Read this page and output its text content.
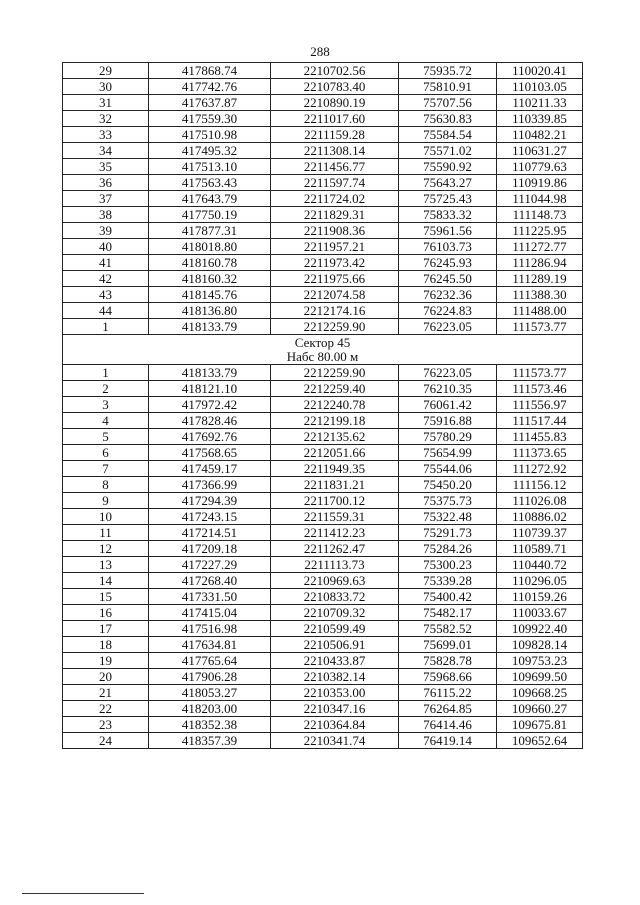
288
29	417868.74	2210702.56	75935.72	110020.41
30	417742.76	2210783.40	75810.91	110103.05
31	417637.87	2210890.19	75707.56	110211.33
32	417559.30	2211017.60	75630.83	110339.85
33	417510.98	2211159.28	75584.54	110482.21
34	417495.32	2211308.14	75571.02	110631.27
35	417513.10	2211456.77	75590.92	110779.63
36	417563.43	2211597.74	75643.27	110919.86
37	417643.79	2211724.02	75725.43	111044.98
38	417750.19	2211829.31	75833.32	111148.73
39	417877.31	2211908.36	75961.56	111225.95
40	418018.80	2211957.21	76103.73	111272.77
41	418160.78	2211973.42	76245.93	111286.94
42	418160.32	2211975.66	76245.50	111289.19
43	418145.76	2212074.58	76232.36	111388.30
44	418136.80	2212174.16	76224.83	111488.00
1	418133.79	2212259.90	76223.05	111573.77

Сектор 45
Набс 80.00 м				

1	418133.79	2212259.90	76223.05	111573.77
2	418121.10	2212259.40	76210.35	111573.46
3	417972.42	2212240.78	76061.42	111556.97
4	417828.46	2212199.18	75916.88	111517.44
5	417692.76	2212135.62	75780.29	111455.83
6	417568.65	2212051.66	75654.99	111373.65
7	417459.17	2211949.35	75544.06	111272.92
8	417366.99	2211831.21	75450.20	111156.12
9	417294.39	2211700.12	75375.73	111026.08
10	417243.15	2211559.31	75322.48	110886.02
11	417214.51	2211412.23	75291.73	110739.37
12	417209.18	2211262.47	75284.26	110589.71
13	417227.29	2211113.73	75300.23	110440.72
14	417268.40	2210969.63	75339.28	110296.05
15	417331.50	2210833.72	75400.42	110159.26
16	417415.04	2210709.32	75482.17	110033.67
17	417516.98	2210599.49	75582.52	109922.40
18	417634.81	2210506.91	75699.01	109828.14
19	417765.64	2210433.87	75828.78	109753.23
20	417906.28	2210382.14	75968.66	109699.50
21	418053.27	2210353.00	76115.22	109668.25
22	418203.00	2210347.16	76264.85	109660.27
23	418352.38	2210364.84	76414.46	109675.81
24	418357.39	2210341.74	76419.14	109652.64
